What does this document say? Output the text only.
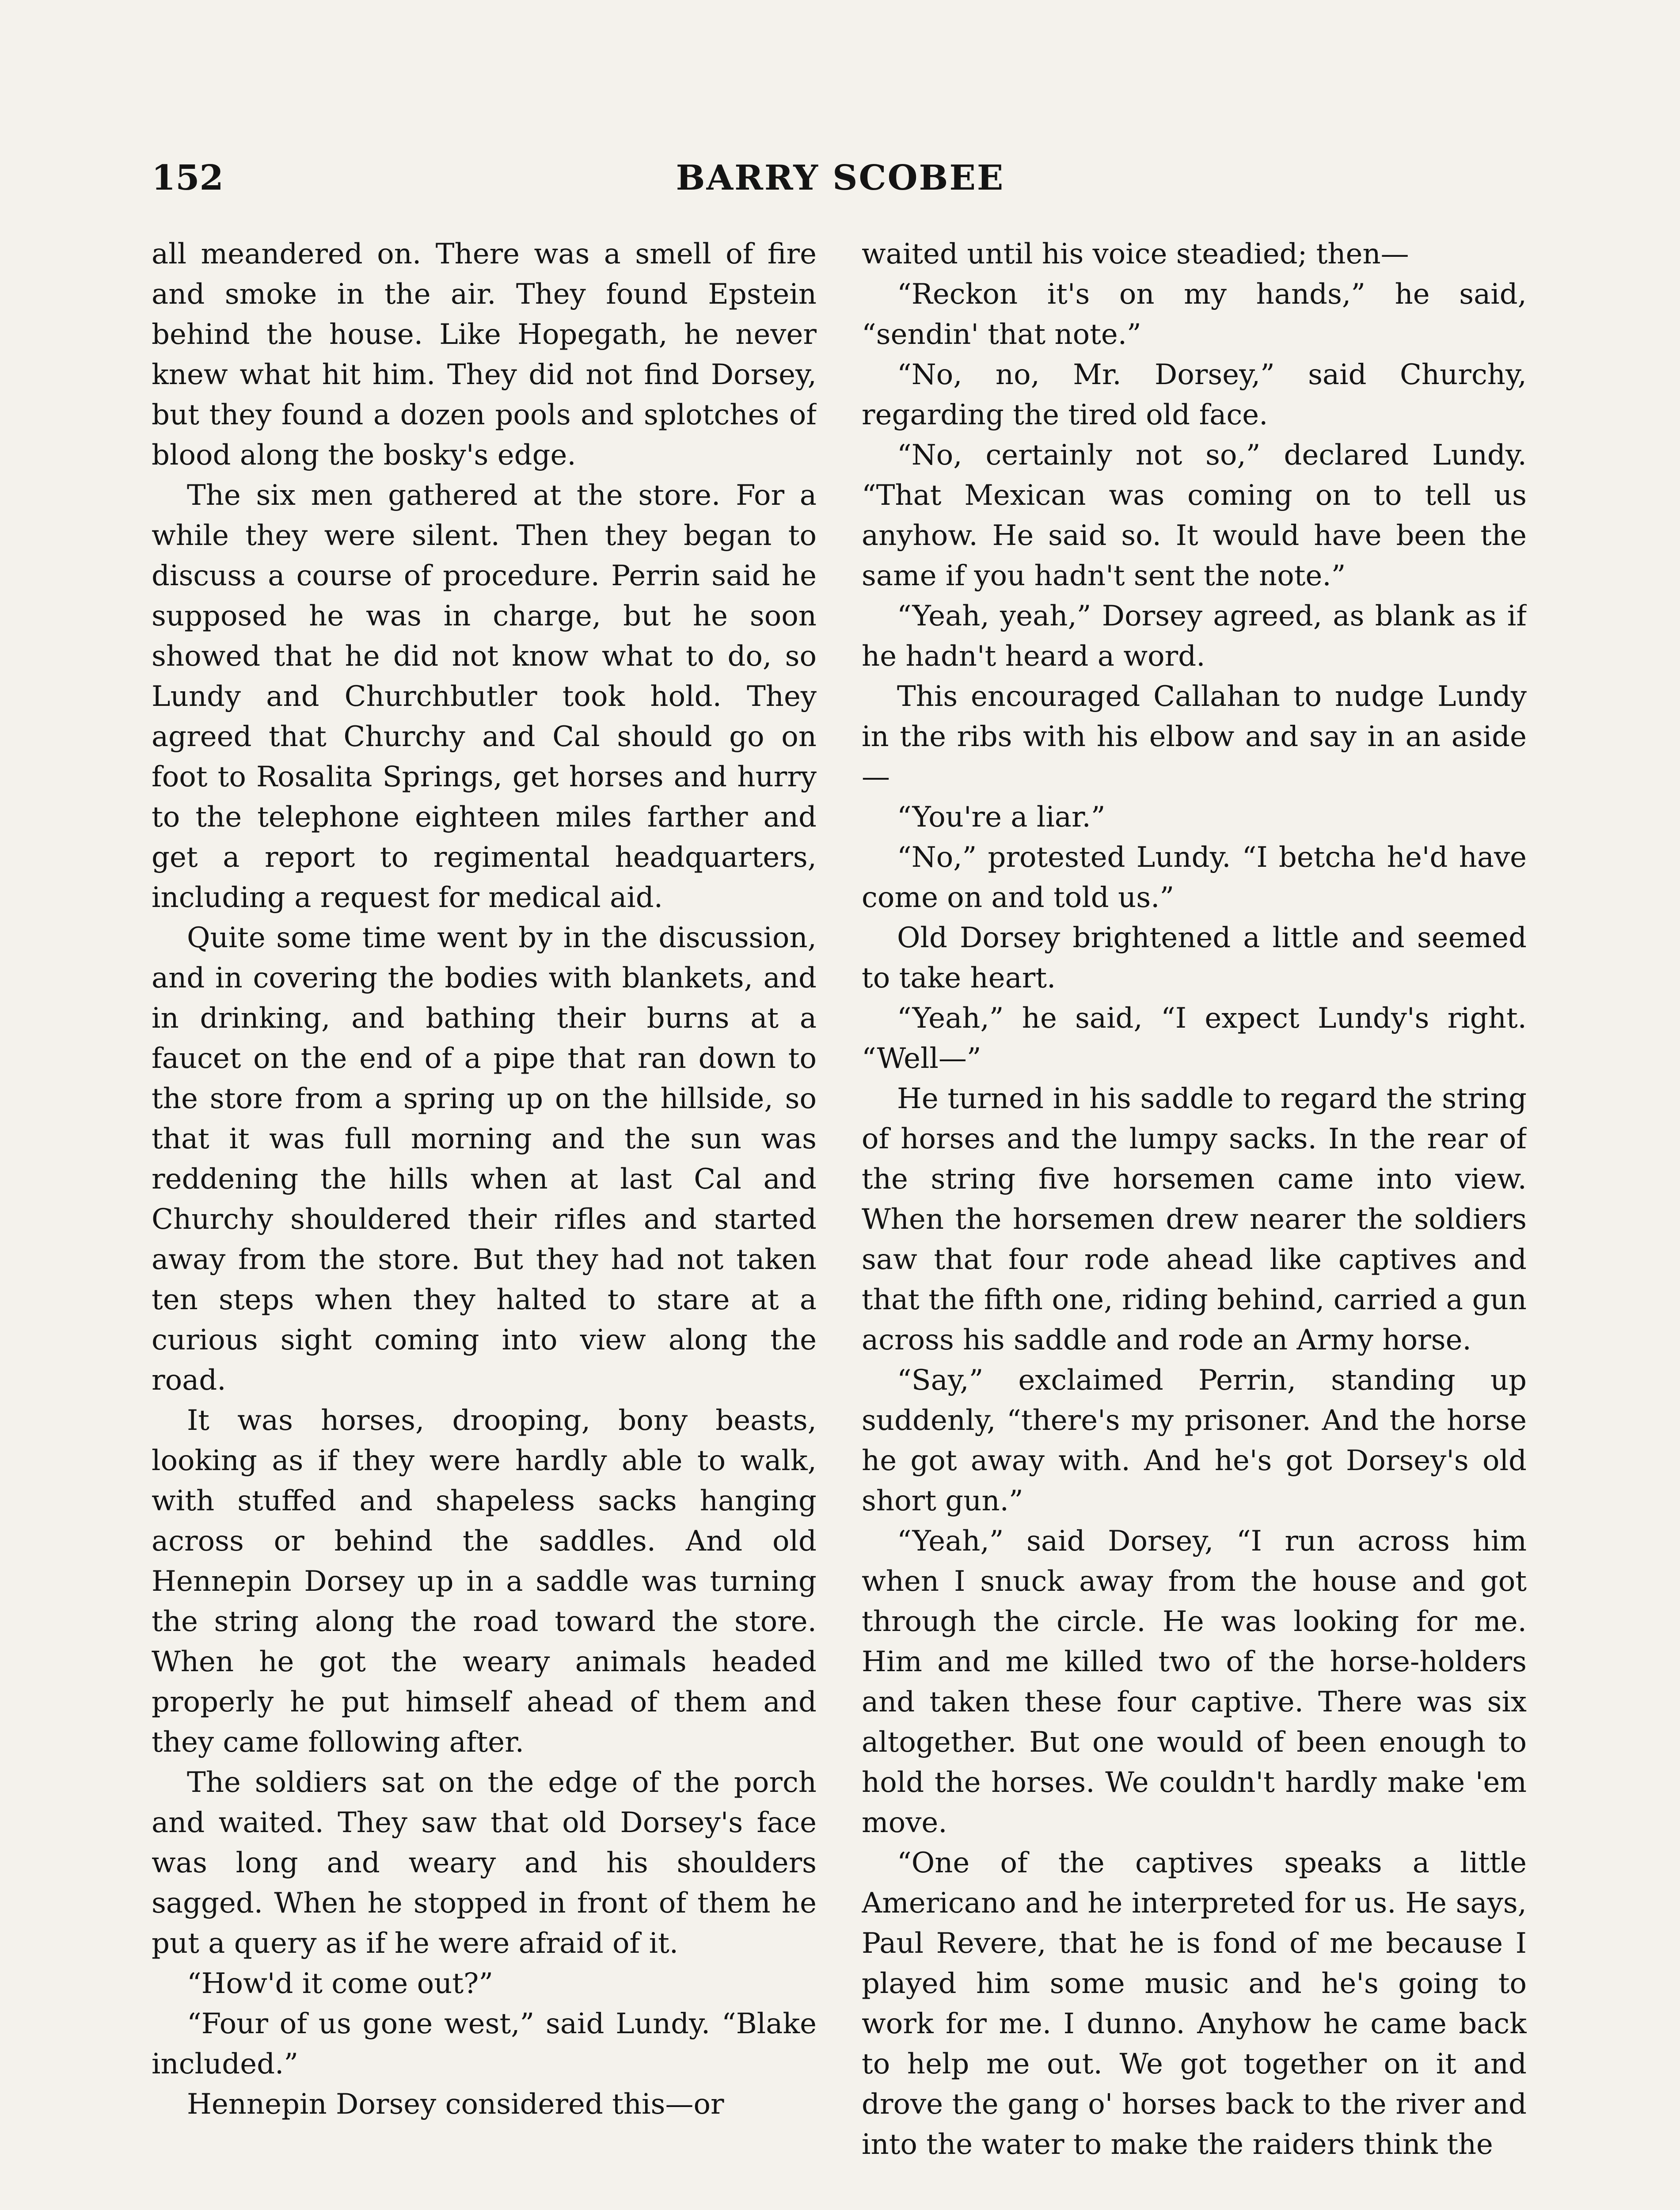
152	BARRY SCOBEE

all meandered on. There was a smell of fire and smoke in the air. They found Epstein behind the house. Like Hopegath, he never knew what hit him. They did not find Dorsey, but they found a dozen pools and splotches of blood along the bosky's edge.

The six men gathered at the store. For a while they were silent. Then they began to discuss a course of procedure. Perrin said he supposed he was in charge, but he soon showed that he did not know what to do, so Lundy and Churchbutler took hold. They agreed that Churchy and Cal should go on foot to Rosalita Springs, get horses and hurry to the telephone eighteen miles farther and get a report to regimental headquarters, including a request for medical aid.

Quite some time went by in the discussion, and in covering the bodies with blankets, and in drinking, and bathing their burns at a faucet on the end of a pipe that ran down to the store from a spring up on the hillside, so that it was full morning and the sun was reddening the hills when at last Cal and Churchy shouldered their rifles and started away from the store. But they had not taken ten steps when they halted to stare at a curious sight coming into view along the road.

It was horses, drooping, bony beasts, looking as if they were hardly able to walk, with stuffed and shapeless sacks hanging across or behind the saddles. And old Hennepin Dorsey up in a saddle was turning the string along the road toward the store. When he got the weary animals headed properly he put himself ahead of them and they came following after.

The soldiers sat on the edge of the porch and waited. They saw that old Dorsey's face was long and weary and his shoulders sagged. When he stopped in front of them he put a query as if he were afraid of it.

“How'd it come out?”

“Four of us gone west,” said Lundy. “Blake included.”

Hennepin Dorsey considered this—or

waited until his voice steadied; then—

“Reckon it's on my hands,” he said, “sendin' that note.”

“No, no, Mr. Dorsey,” said Churchy, regarding the tired old face.

“No, certainly not so,” declared Lundy. “That Mexican was coming on to tell us anyhow. He said so. It would have been the same if you hadn't sent the note.”

“Yeah, yeah,” Dorsey agreed, as blank as if he hadn't heard a word.

This encouraged Callahan to nudge Lundy in the ribs with his elbow and say in an aside—

“You're a liar.”

“No,” protested Lundy. “I betcha he'd have come on and told us.”

Old Dorsey brightened a little and seemed to take heart.

“Yeah,” he said, “I expect Lundy's right. “Well—”

He turned in his saddle to regard the string of horses and the lumpy sacks. In the rear of the string five horsemen came into view. When the horsemen drew nearer the soldiers saw that four rode ahead like captives and that the fifth one, riding behind, carried a gun across his saddle and rode an Army horse.

“Say,” exclaimed Perrin, standing up suddenly, “there's my prisoner. And the horse he got away with. And he's got Dorsey's old short gun.”

“Yeah,” said Dorsey, “I run across him when I snuck away from the house and got through the circle. He was looking for me. Him and me killed two of the horse-holders and taken these four captive. There was six altogether. But one would of been enough to hold the horses. We couldn't hardly make 'em move.

“One of the captives speaks a little Americano and he interpreted for us. He says, Paul Revere, that he is fond of me because I played him some music and he's going to work for me. I dunno. Anyhow he came back to help me out. We got together on it and drove the gang o' horses back to the river and into the water to make the raiders think the
